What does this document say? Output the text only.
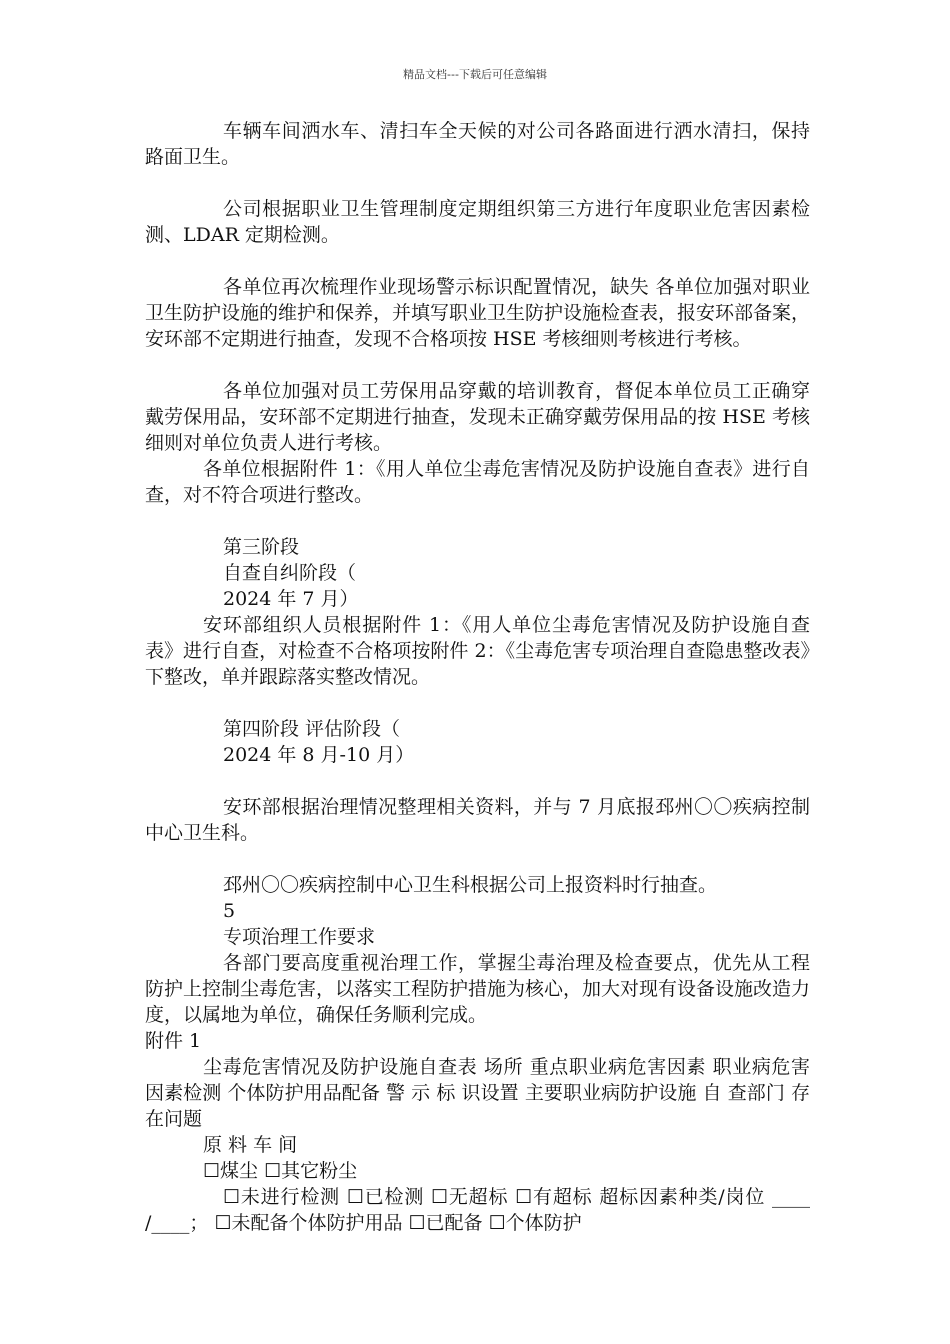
精品文档---下载后可任意编辑

车辆车间洒水车、清扫车全天候的对公司各路面进行洒水清扫，保持路面卫生。

公司根据职业卫生管理制度定期组织第三方进行年度职业危害因素检测、LDAR 定期检测。

各单位再次梳理作业现场警示标识配置情况，缺失 各单位加强对职业卫生防护设施的维护和保养，并填写职业卫生防护设施检查表，报安环部备案，安环部不定期进行抽查，发现不合格项按 HSE 考核细则考核进行考核。

各单位加强对员工劳保用品穿戴的培训教育，督促本单位员工正确穿戴劳保用品，安环部不定期进行抽查，发现未正确穿戴劳保用品的按 HSE 考核细则对单位负责人进行考核。

各单位根据附件 1：《用人单位尘毒危害情况及防护设施自查表》进行自查，对不符合项进行整改。

第三阶段

自查自纠阶段（

2024 年 7 月）

安环部组织人员根据附件 1：《用人单位尘毒危害情况及防护设施自查表》进行自查，对检查不合格项按附件 2：《尘毒危害专项治理自查隐患整改表》下整改，单并跟踪落实整改情况。

第四阶段 评估阶段（

2024 年 8 月-10 月）

安环部根据治理情况整理相关资料，并与 7 月底报邳州〇〇疾病控制中心卫生科。

邳州〇〇疾病控制中心卫生科根据公司上报资料时行抽查。

5

专项治理工作要求

各部门要高度重视治理工作，掌握尘毒治理及检查要点，优先从工程防护上控制尘毒危害，以落实工程防护措施为核心，加大对现有设备设施改造力度，以属地为单位，确保任务顺利完成。

附件 1

尘毒危害情况及防护设施自查表 场所 重点职业病危害因素 职业病危害因素检测 个体防护用品配备 警 示 标 识设置 主要职业病防护设施 自 查部门 存在问题

原 料 车 间

☐煤尘 ☐其它粉尘

☐未进行检测 ☐已检测 ☐无超标 ☐有超标 超标因素种类/岗位 ____ /____； ☐未配备个体防护用品 ☐已配备 ☐个体防护
